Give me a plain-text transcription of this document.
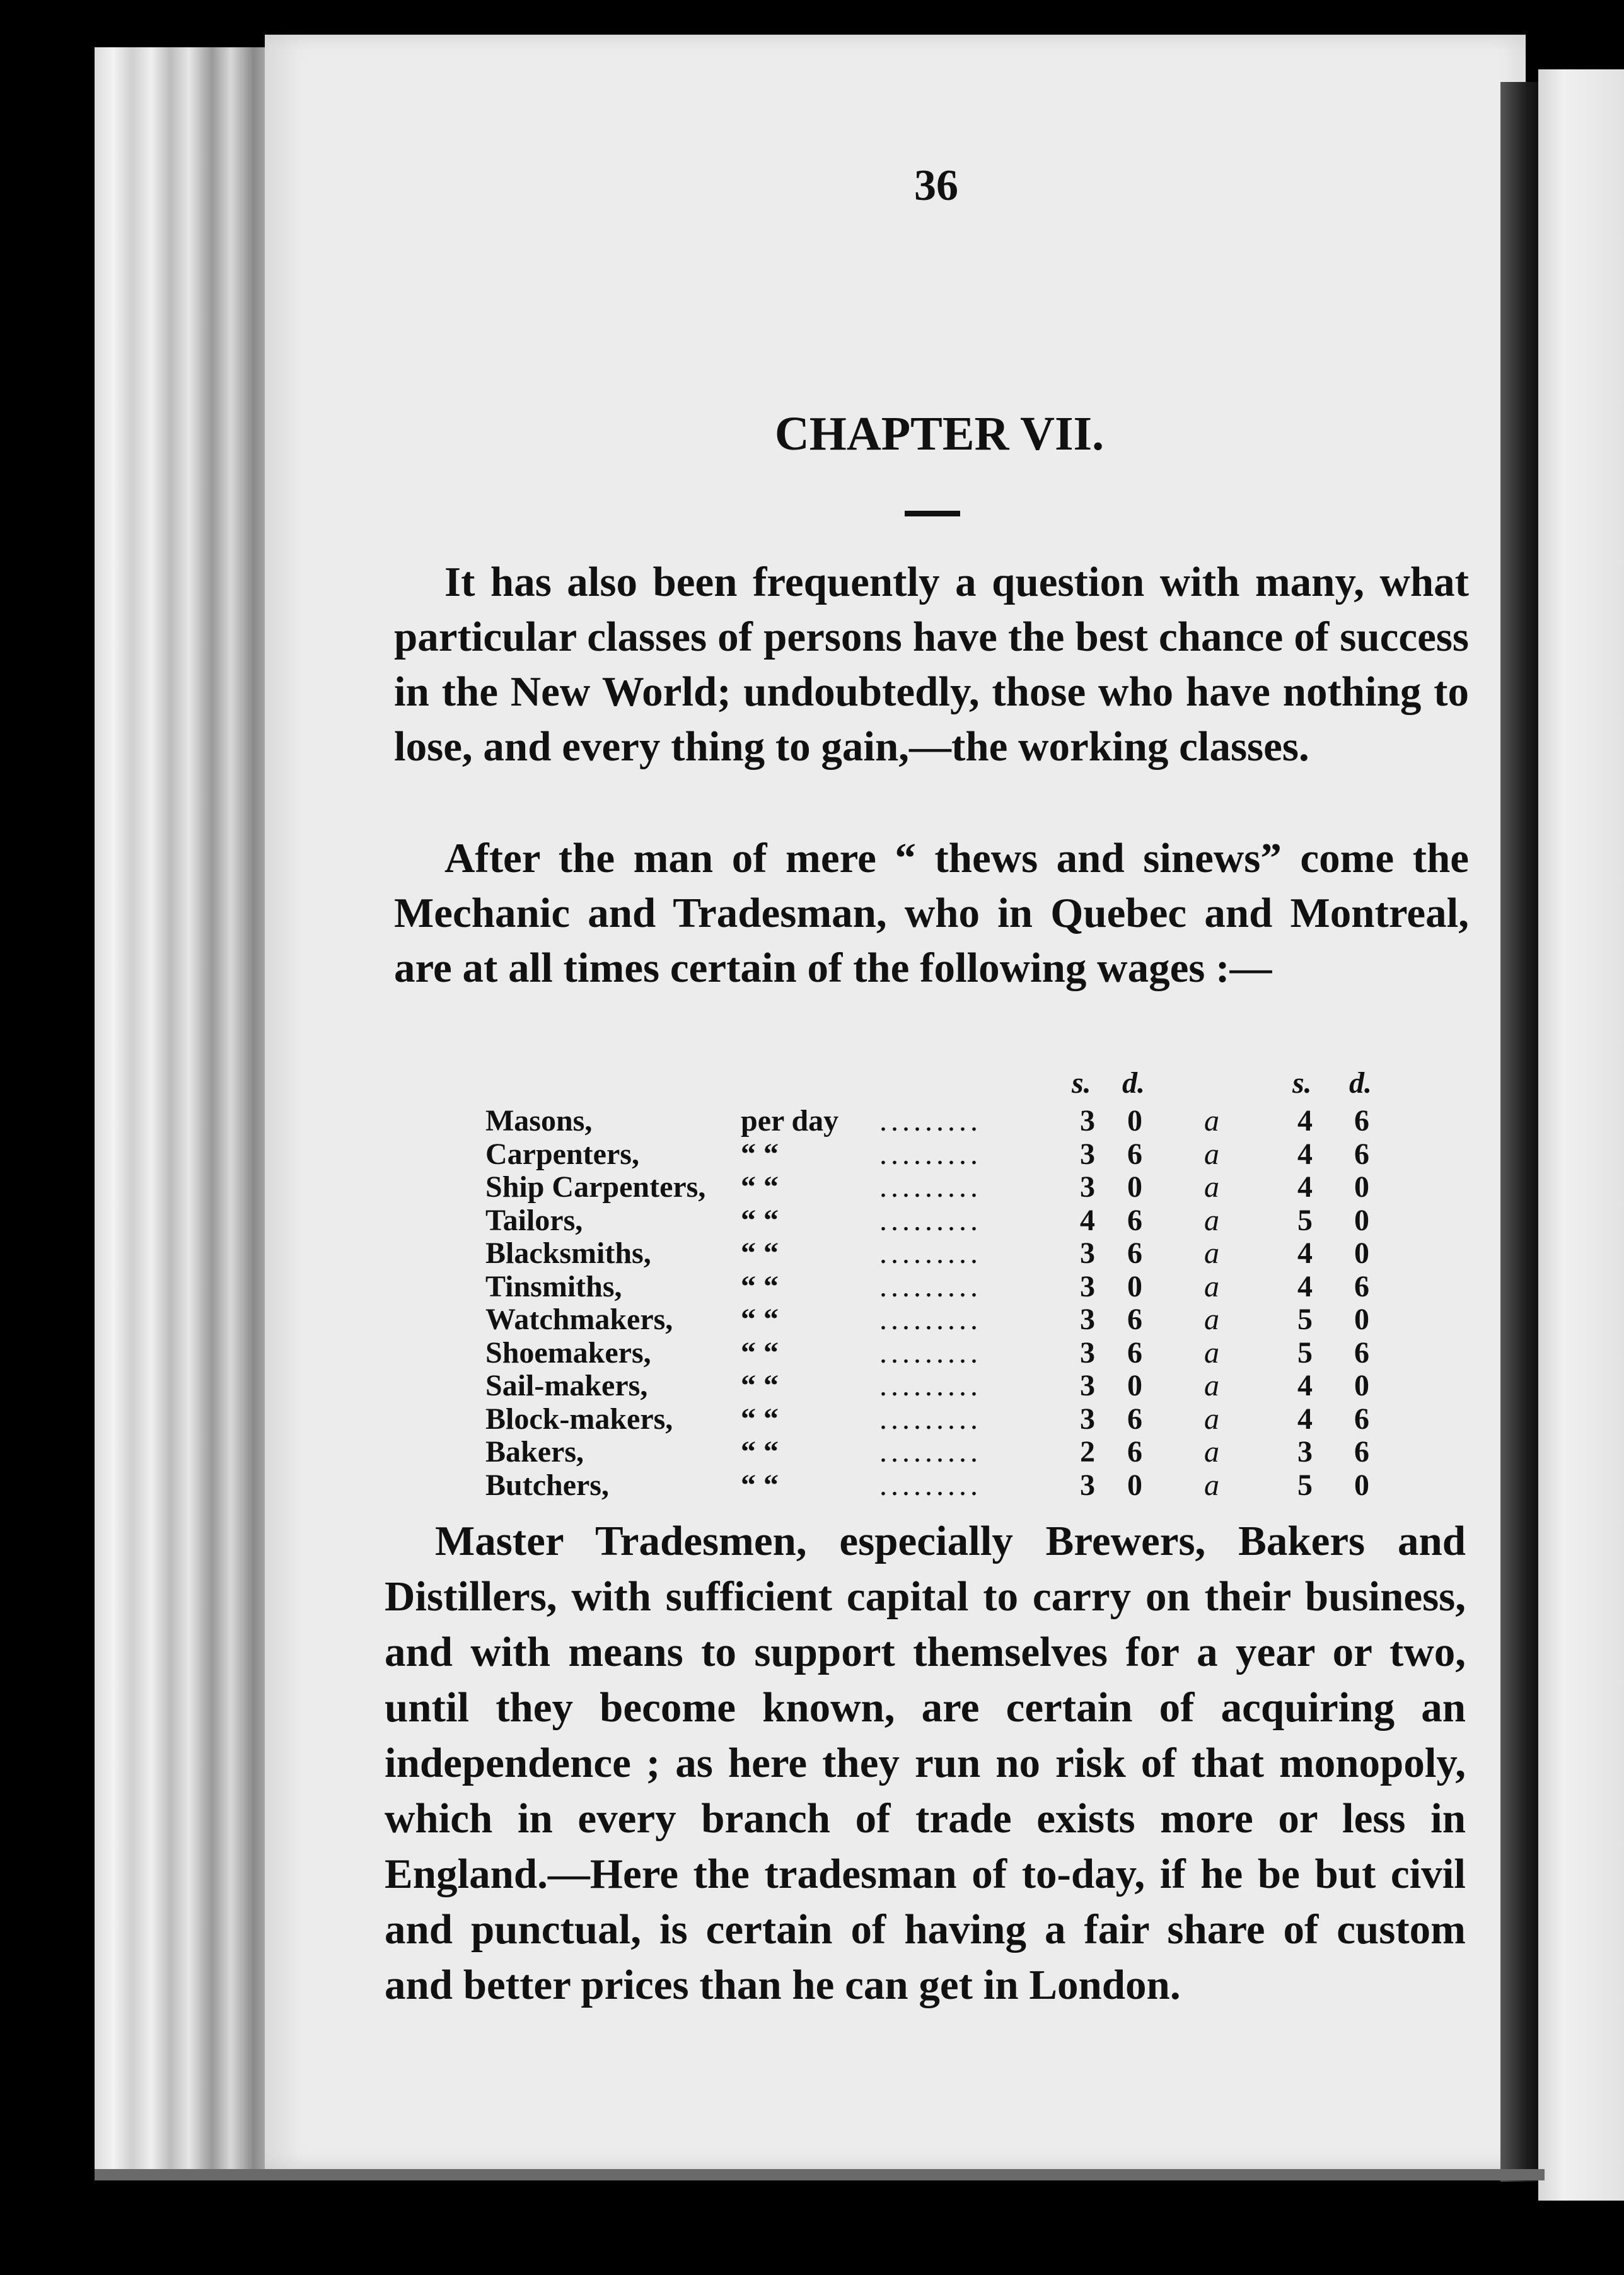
36
CHAPTER VII.

It has also been frequently a question with many, what particular classes of persons have the best chance of success in the New World; undoubtedly, those who have nothing to lose, and every thing to gain,—the working classes.

After the man of mere “ thews and sinews” come the Mechanic and Tradesman, who in Quebec and Montreal, are at all times certain of the following wages :—

s. d.	s. d.
Masons,	per day .........	3 0 a	4 6
Carpenters,	“ “	.........	3 6 a	4 6
Ship Carpenters, “ “	.........	3 0 a	4 0
Tailors,	“ “	.........	4 6 a	5 0
Blacksmiths,	“ “	.........	3 6 a	4 0
Tinsmiths,	“ “	.........	3 0 a	4 6
Watchmakers, “ “	.........	3 6 a	5 0
Shoemakers,	“ “	.........	3 6 a	5 6
Sail-makers,	“ “	.........	3 0 a	4 0
Block-makers, “ “	.........	3 6 a	4 6
Bakers,	“ “	.........	2 6 a	3 6
Butchers,	“ “	.........	3 0 a	5 0

Master Tradesmen, especially Brewers, Bakers and Distillers, with sufficient capital to carry on their business, and with means to support themselves for a year or two, until they become known, are certain of acquiring an independence ; as here they run no risk of that monopoly, which in every branch of trade exists more or less in England.—Here the tradesman of to-day, if he be but civil and punctual, is certain of having a fair share of custom and better prices than he can get in London.
